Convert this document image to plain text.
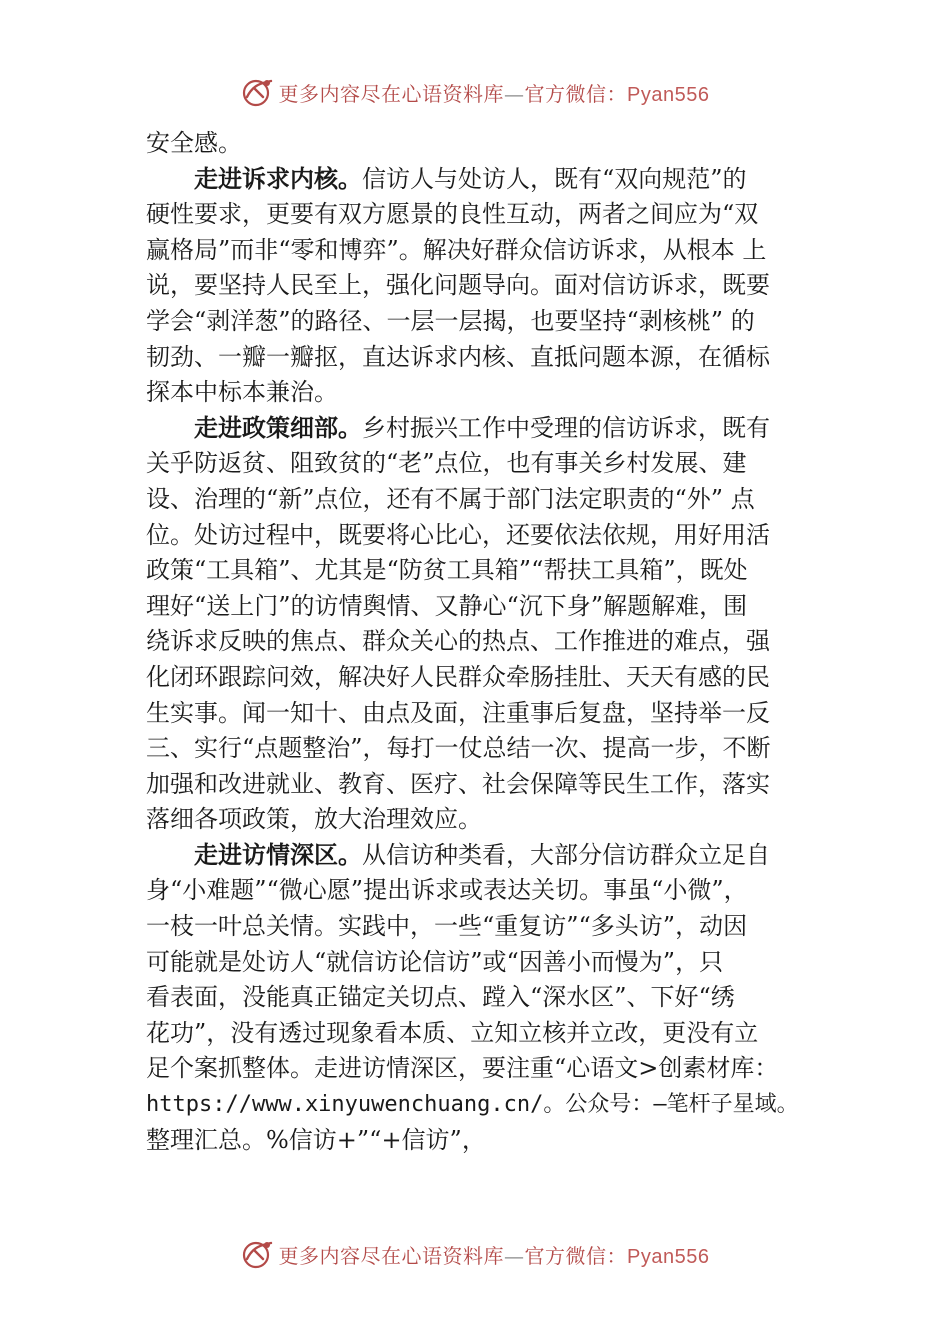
更多内容尽在心语资料库—官方微信：Pyan556
安全感。
走进诉求内核。信访人与处访人，既有“双向规范”的
硬性要求，更要有双方愿景的良性互动，两者之间应为“双
赢格局”而非“零和博弈”。解决好群众信访诉求，从根本 上
说，要坚持人民至上，强化问题导向。面对信访诉求，既要
学会“剥洋葱”的路径、一层一层揭，也要坚持“剥核桃” 的
韧劲、一瓣一瓣抠，直达诉求内核、直抵问题本源，在循标
探本中标本兼治。
走进政策细部。乡村振兴工作中受理的信访诉求，既有
关乎防返贫、阻致贫的“老”点位，也有事关乡村发展、建
设、治理的“新”点位，还有不属于部门法定职责的“外” 点
位。处访过程中，既要将心比心，还要依法依规，用好用活
政策“工具箱”、尤其是“防贫工具箱”“帮扶工具箱”，既处
理好“送上门”的访情舆情、又静心“沉下身”解题解难，围
绕诉求反映的焦点、群众关心的热点、工作推进的难点，强
化闭环跟踪问效，解决好人民群众牵肠挂肚、天天有感的民
生实事。闻一知十、由点及面，注重事后复盘，坚持举一反
三、实行“点题整治”，每打一仗总结一次、提高一步，不断
加强和改进就业、教育、医疗、社会保障等民生工作，落实
落细各项政策，放大治理效应。
走进访情深区。从信访种类看，大部分信访群众立足自
身“小难题”“微心愿”提出诉求或表达关切。事虽“小微”，
一枝一叶总关情。实践中，一些“重复访”“多头访”，动因
可能就是处访人“就信访论信访”或“因善小而慢为”，只
看表面，没能真正锚定关切点、蹚入“深水区”、下好“绣
花功”，没有透过现象看本质、立知立核并立改，更没有立
足个案抓整体。走进访情深区，要注重“心语文>创素材库：
https://www.xinyuwenchuang.cn/。公众号：—笔杆子星域。
整理汇总。%信访+”“+信访”，
更多内容尽在心语资料库—官方微信：Pyan556
